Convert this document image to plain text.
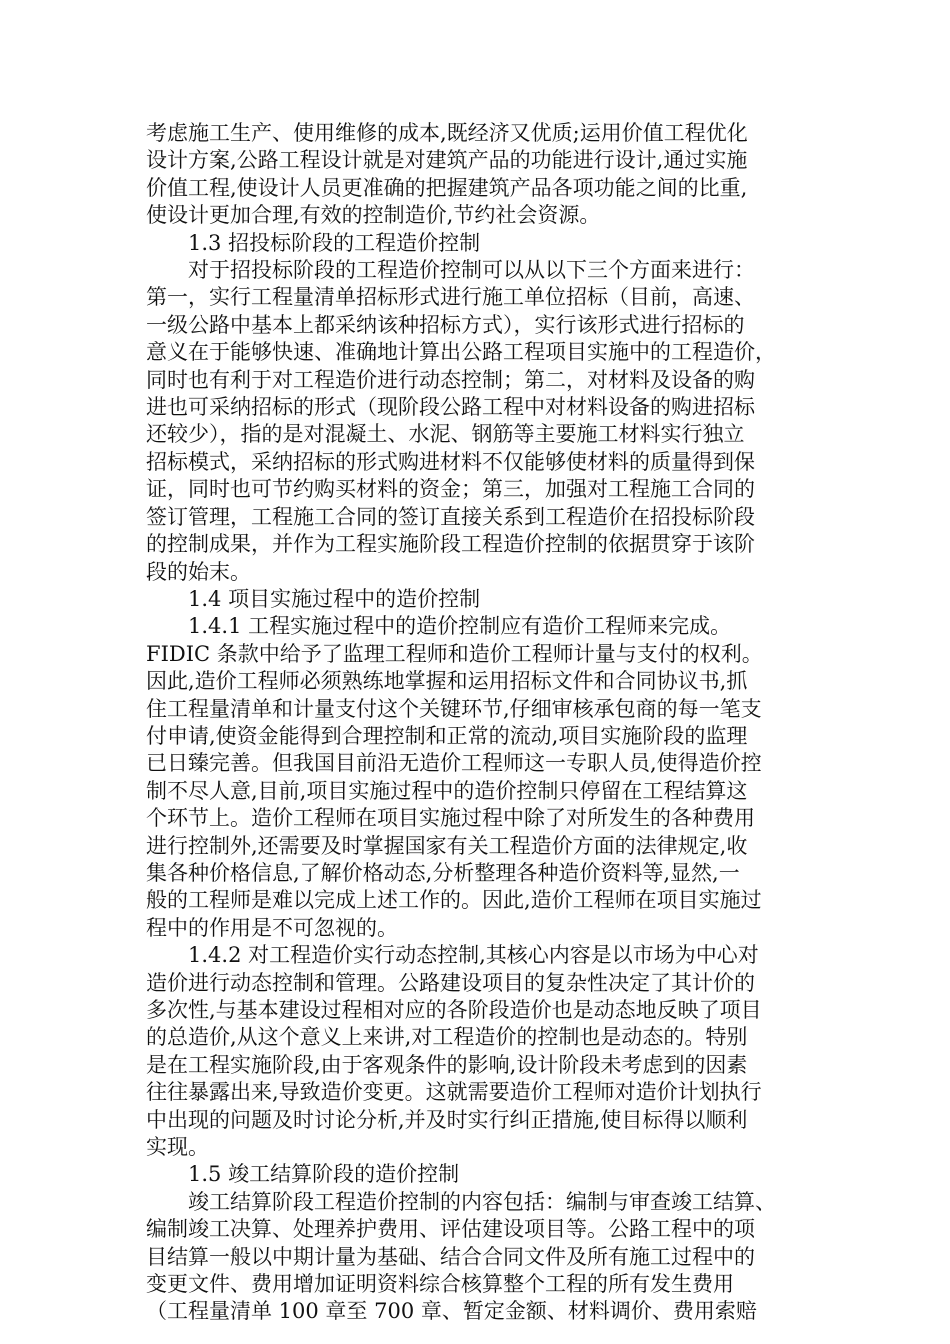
考虑施工生产、使用维修的成本,既经济又优质;运用价值工程优化

设计方案,公路工程设计就是对建筑产品的功能进行设计,通过实施

价值工程,使设计人员更准确的把握建筑产品各项功能之间的比重,

使设计更加合理,有效的控制造价,节约社会资源。

1.3 招投标阶段的工程造价控制

对于招投标阶段的工程造价控制可以从以下三个方面来进行：

第一，实行工程量清单招标形式进行施工单位招标（目前，高速、

一级公路中基本上都采纳该种招标方式），实行该形式进行招标的

意义在于能够快速、准确地计算出公路工程项目实施中的工程造价，

同时也有利于对工程造价进行动态控制；第二，对材料及设备的购

进也可采纳招标的形式（现阶段公路工程中对材料设备的购进招标

还较少），指的是对混凝土、水泥、钢筋等主要施工材料实行独立

招标模式，采纳招标的形式购进材料不仅能够使材料的质量得到保

证，同时也可节约购买材料的资金；第三，加强对工程施工合同的

签订管理，工程施工合同的签订直接关系到工程造价在招投标阶段

的控制成果，并作为工程实施阶段工程造价控制的依据贯穿于该阶

段的始末。

1.4 项目实施过程中的造价控制

1.4.1 工程实施过程中的造价控制应有造价工程师来完成。

FIDIC 条款中给予了监理工程师和造价工程师计量与支付的权利。

因此,造价工程师必须熟练地掌握和运用招标文件和合同协议书,抓

住工程量清单和计量支付这个关键环节,仔细审核承包商的每一笔支

付申请,使资金能得到合理控制和正常的流动,项目实施阶段的监理

已日臻完善。但我国目前沿无造价工程师这一专职人员,使得造价控

制不尽人意,目前,项目实施过程中的造价控制只停留在工程结算这

个环节上。造价工程师在项目实施过程中除了对所发生的各种费用

进行控制外,还需要及时掌握国家有关工程造价方面的法律规定,收

集各种价格信息,了解价格动态,分析整理各种造价资料等,显然,一

般的工程师是难以完成上述工作的。因此,造价工程师在项目实施过

程中的作用是不可忽视的。

1.4.2 对工程造价实行动态控制,其核心内容是以市场为中心对

造价进行动态控制和管理。公路建设项目的复杂性决定了其计价的

多次性,与基本建设过程相对应的各阶段造价也是动态地反映了项目

的总造价,从这个意义上来讲,对工程造价的控制也是动态的。特别

是在工程实施阶段,由于客观条件的影响,设计阶段未考虑到的因素

往往暴露出来,导致造价变更。这就需要造价工程师对造价计划执行

中出现的问题及时讨论分析,并及时实行纠正措施,使目标得以顺利

实现。

1.5 竣工结算阶段的造价控制

竣工结算阶段工程造价控制的内容包括：编制与审查竣工结算、

编制竣工决算、处理养护费用、评估建设项目等。公路工程中的项

目结算一般以中期计量为基础、结合合同文件及所有施工过程中的

变更文件、费用增加证明资料综合核算整个工程的所有发生费用

（工程量清单 100 章至 700 章、暂定金额、材料调价、费用索赔
